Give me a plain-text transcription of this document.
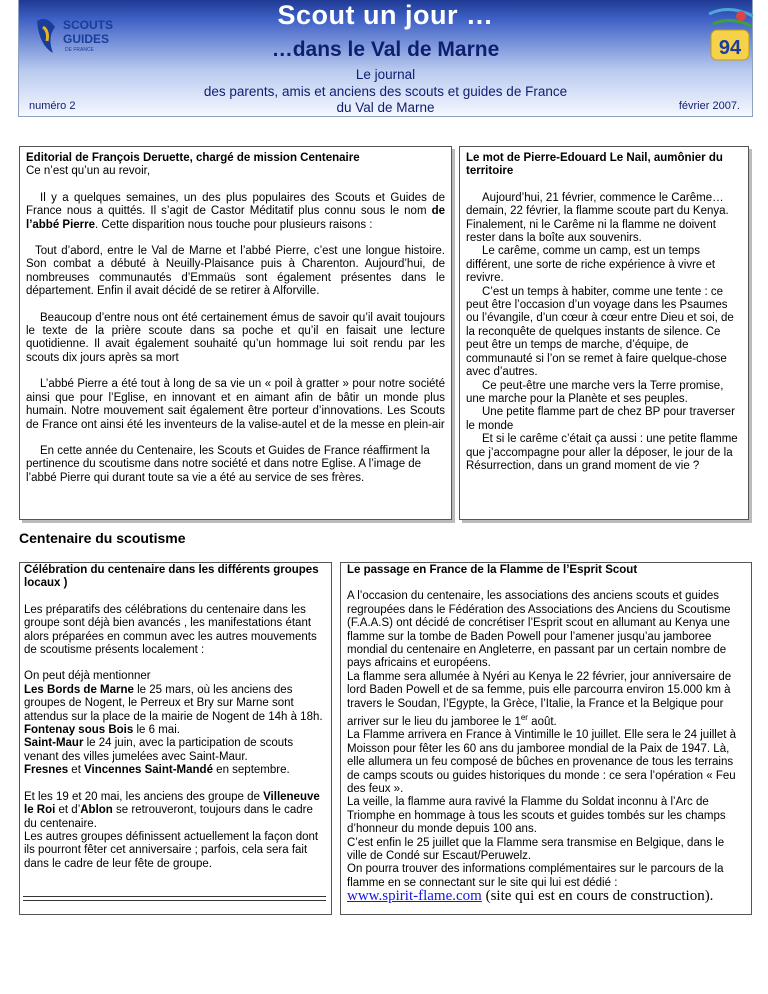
SCOUTS
GUIDES
DE FRANCE
Scout un jour …
…dans le Val de Marne
Le journal
des parents, amis et anciens des scouts et guides de France
du Val de Marne
numéro 2	février 2007.
94
Editorial de François Deruette, chargé de mission Centenaire

Ce n’est qu’un au revoir,

Il y a quelques semaines, un des plus populaires des Scouts et Guides de France nous a quittés. Il s’agit de Castor Méditatif plus connu sous le nom de l’abbé Pierre. Cette disparition nous touche pour plusieurs raisons :

Tout d’abord, entre le Val de Marne et l’abbé Pierre, c’est une longue histoire. Son combat a débuté à Neuilly-Plaisance puis à Charenton. Aujourd’hui, de nombreuses communautés d’Emmaüs sont également présentes dans le département. Enfin il avait décidé de se retirer à Alforville.

Beaucoup d’entre nous ont été certainement émus de savoir qu’il avait toujours le texte de la prière scoute dans sa poche et qu’il en faisait une lecture quotidienne. Il avait également souhaité qu’un hommage lui soit rendu par les scouts dix jours après sa mort

L’abbé Pierre a été tout à long de sa vie un « poil à gratter » pour notre société ainsi que pour l’Eglise, en innovant et en aimant afin de bâtir un monde plus humain. Notre mouvement sait également être porteur d’innovations. Les Scouts de France ont ainsi été les inventeurs de la valise-autel et de la messe en plein-air

En cette année du Centenaire, les Scouts et Guides de France réaffirment la pertinence du scoutisme dans notre société et dans notre Eglise. A l’image de l’abbé Pierre qui durant toute sa vie a été au service de ses frères.

Le mot de Pierre-Edouard Le Nail, aumônier du territoire

Aujourd’hui, 21 février, commence le Carême… demain, 22 février, la flamme scoute part du Kenya.

Finalement, ni le Carême ni la flamme ne doivent rester dans la boîte aux souvenirs.

Le carême, comme un camp, est un temps différent, une sorte de riche expérience à vivre et revivre.

C’est un temps à habiter, comme une tente : ce peut être l’occasion d’un voyage dans les Psaumes ou l’évangile, d’un cœur à cœur entre Dieu et soi, de la reconquête de quelques instants de silence. Ce peut être un temps de marche, d’équipe, de communauté si l’on se remet à faire quelque-chose avec d’autres.

Ce peut-être une marche vers la Terre promise, une marche pour la Planète et ses peuples.

Une petite flamme part de chez BP pour traverser le monde

Et si le carême c’était ça aussi : une petite flamme que j’accompagne pour aller la déposer, le jour de la Résurrection, dans un grand moment de vie ?

Centenaire du scoutisme
Célébration du centenaire dans les différents groupes locaux )

Les préparatifs des célébrations du centenaire dans les groupe sont déjà bien avancés , les manifestations étant alors préparées en commun avec les autres mouvements de scoutisme présents localement :

On peut déjà mentionner

Les Bords de Marne le 25 mars, où les anciens des groupes de Nogent, le Perreux et Bry sur Marne sont attendus sur la place de la mairie de Nogent de 14h à 18h.

Fontenay sous Bois le 6 mai.

Saint-Maur le 24 juin, avec la participation de scouts venant des villes jumelées avec Saint-Maur.

Fresnes et Vincennes Saint-Mandé en septembre.

Et les 19 et 20 mai, les anciens des groupe de Villeneuve le Roi et d’Ablon se retrouveront, toujours dans le cadre du centenaire.

Les autres groupes définissent actuellement la façon dont ils pourront fêter cet anniversaire ; parfois, cela sera fait dans le cadre de leur fête de groupe.

Le passage en France de la Flamme de l’Esprit Scout

A l’occasion du centenaire, les associations des anciens scouts et guides regroupées dans le Fédération des Associations des Anciens du Scoutisme (F.A.A.S) ont décidé de concrétiser l’Esprit scout en allumant au Kenya une flamme sur la tombe de Baden Powell pour l’amener jusqu’au jamboree mondial du centenaire en Angleterre, en passant par un certain nombre de pays africains et européens.

La flamme sera allumée à Nyéri au Kenya le 22 février, jour anniversaire de lord Baden Powell et de sa femme, puis elle parcourra environ 15.000 km à travers le Soudan, l’Egypte, la Grèce, l’Italie, la France et la Belgique pour arriver sur le lieu du jamboree le 1er août.

La Flamme arrivera en France à Vintimille le 10 juillet. Elle sera le 24 juillet à Moisson pour fêter les 60 ans du jamboree mondial de la Paix de 1947. Là, elle allumera un feu composé de bûches en provenance de tous les terrains de camps scouts ou guides historiques du monde : ce sera l’opération « Feu des feux ».

La veille, la flamme aura ravivé la Flamme du Soldat inconnu à l’Arc de Triomphe en hommage à tous les scouts et guides tombés sur les champs d’honneur du monde depuis 100 ans.

C’est enfin le 25 juillet que la Flamme sera transmise en Belgique, dans le ville de Condé sur Escaut/Peruwelz.

On pourra trouver des informations complémentaires sur le parcours de la flamme en se connectant sur le site qui lui est dédié :

www.spirit-flame.com (site qui est en cours de construction).
